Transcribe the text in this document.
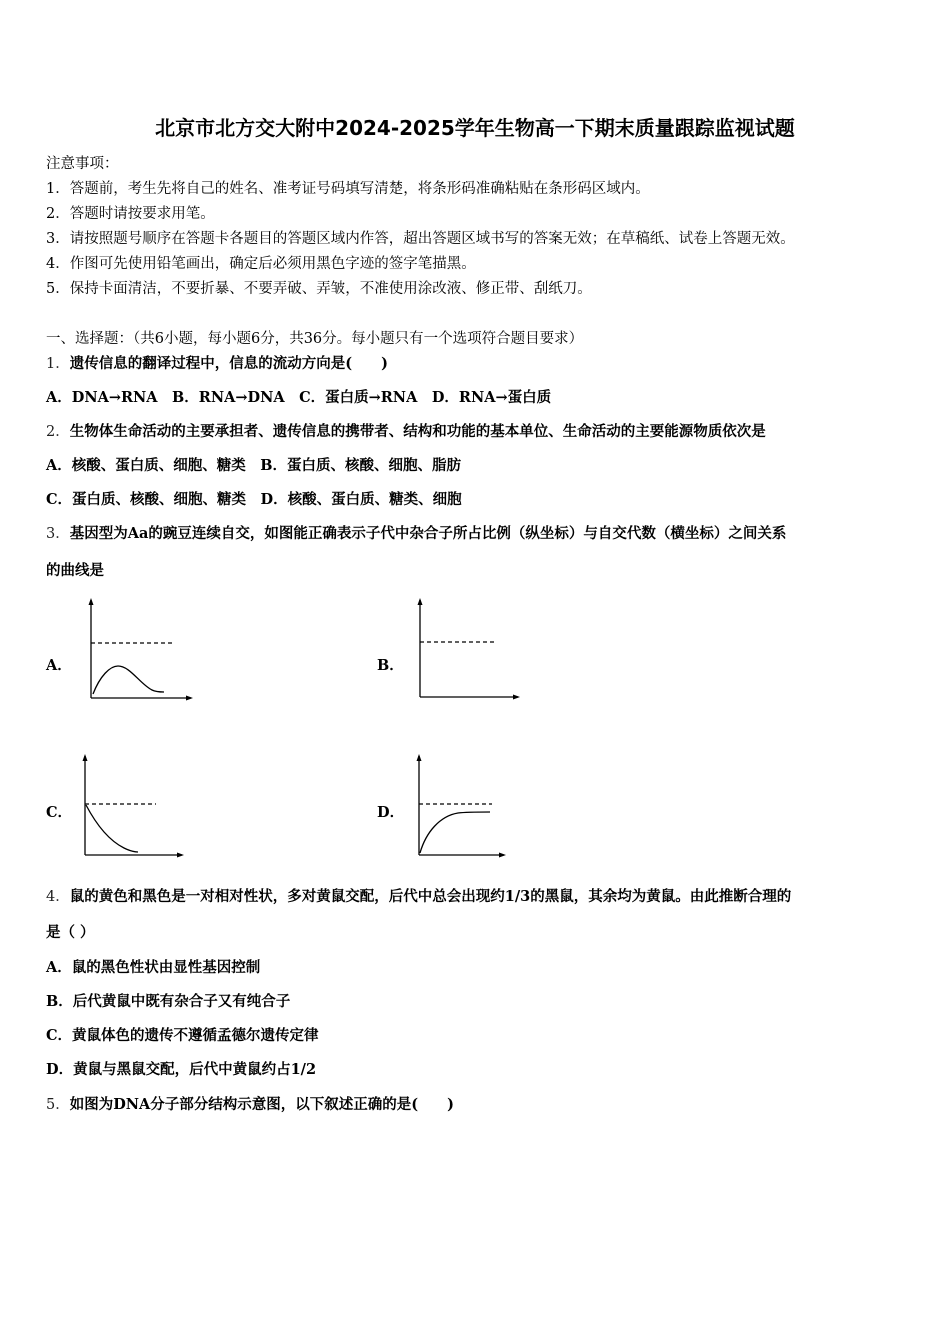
北京市北方交大附中2024-2025学年生物高一下期末质量跟踪监视试题
注意事项：
1．答题前，考生先将自己的姓名、准考证号码填写清楚，将条形码准确粘贴在条形码区域内。
2．答题时请按要求用笔。
3．请按照题号顺序在答题卡各题目的答题区域内作答，超出答题区域书写的答案无效；在草稿纸、试卷上答题无效。
4．作图可先使用铅笔画出，确定后必须用黑色字迹的签字笔描黑。
5．保持卡面清洁，不要折暴、不要弄破、弄皱，不准使用涂改液、修正带、刮纸刀。
一、选择题：（共6小题，每小题6分，共36分。每小题只有一个选项符合题目要求）
1．遗传信息的翻译过程中，信息的流动方向是(　　)
A．DNA→RNA　B．RNA→DNA　C．蛋白质→RNA　D．RNA→蛋白质
2．生物体生命活动的主要承担者、遗传信息的携带者、结构和功能的基本单位、生命活动的主要能源物质依次是
A．核酸、蛋白质、细胞、糖类　B．蛋白质、核酸、细胞、脂肪
C．蛋白质、核酸、细胞、糖类　D．核酸、蛋白质、糖类、细胞
3．基因型为Aa的豌豆连续自交，如图能正确表示子代中杂合子所占比例（纵坐标）与自交代数（横坐标）之间关系
的曲线是
A．	B．
C．	D．
4．鼠的黄色和黑色是一对相对性状，多对黄鼠交配，后代中总会出现约1/3的黑鼠，其余均为黄鼠。由此推断合理的
是（ ）
A．鼠的黑色性状由显性基因控制
B．后代黄鼠中既有杂合子又有纯合子
C．黄鼠体色的遗传不遵循孟德尔遗传定律
D．黄鼠与黑鼠交配，后代中黄鼠约占1/2
5．如图为DNA分子部分结构示意图，以下叙述正确的是(　　)
